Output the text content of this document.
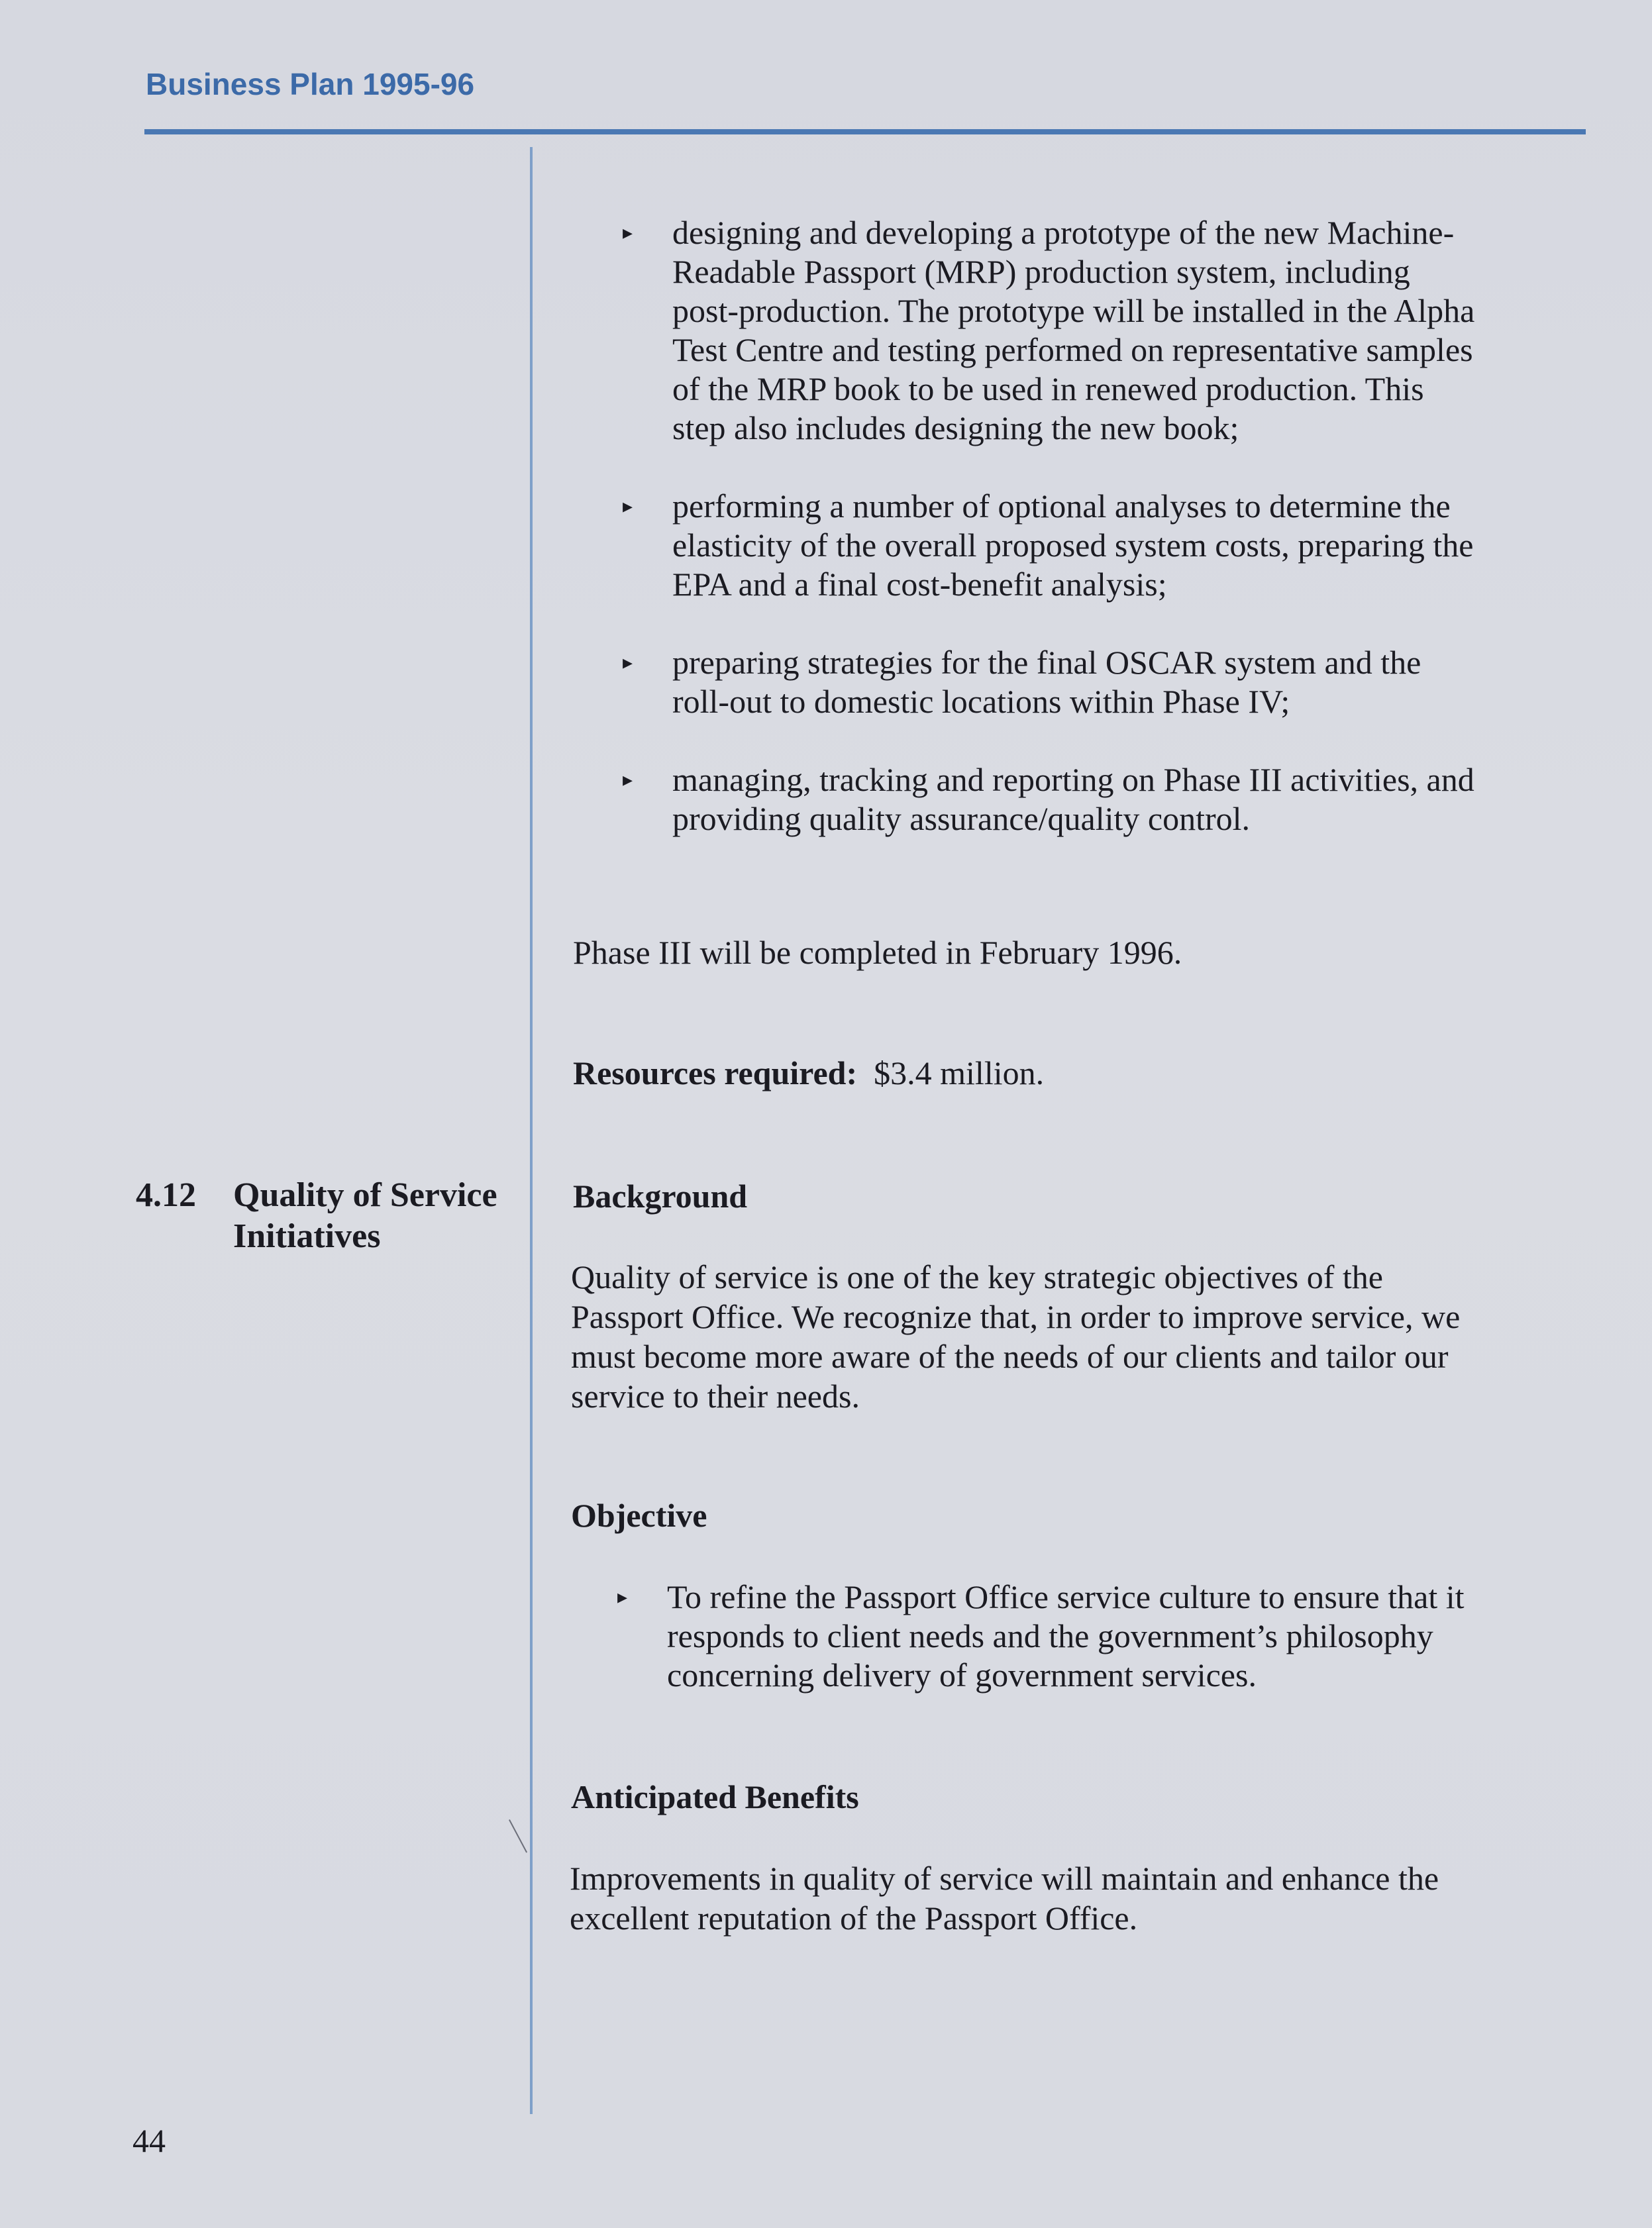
Business Plan 1995-96
▸ designing and developing a prototype of the new Machine-Readable Passport (MRP) production system, including post-production. The prototype will be installed in the Alpha Test Centre and testing performed on representative samples of the MRP book to be used in renewed production. This step also includes designing the new book;
▸ performing a number of optional analyses to determine the elasticity of the overall proposed system costs, preparing the EPA and a final cost-benefit analysis;
▸ preparing strategies for the final OSCAR system and the roll-out to domestic locations within Phase IV;
▸ managing, tracking and reporting on Phase III activities, and providing quality assurance/quality control.

Phase III will be completed in February 1996.

Resources required: $3.4 million.

4.12 Quality of Service Initiatives
Background

Quality of service is one of the key strategic objectives of the Passport Office. We recognize that, in order to improve service, we must become more aware of the needs of our clients and tailor our service to their needs.

Objective
▸ To refine the Passport Office service culture to ensure that it responds to client needs and the government’s philosophy concerning delivery of government services.
Anticipated Benefits

Improvements in quality of service will maintain and enhance the excellent reputation of the Passport Office.

44
